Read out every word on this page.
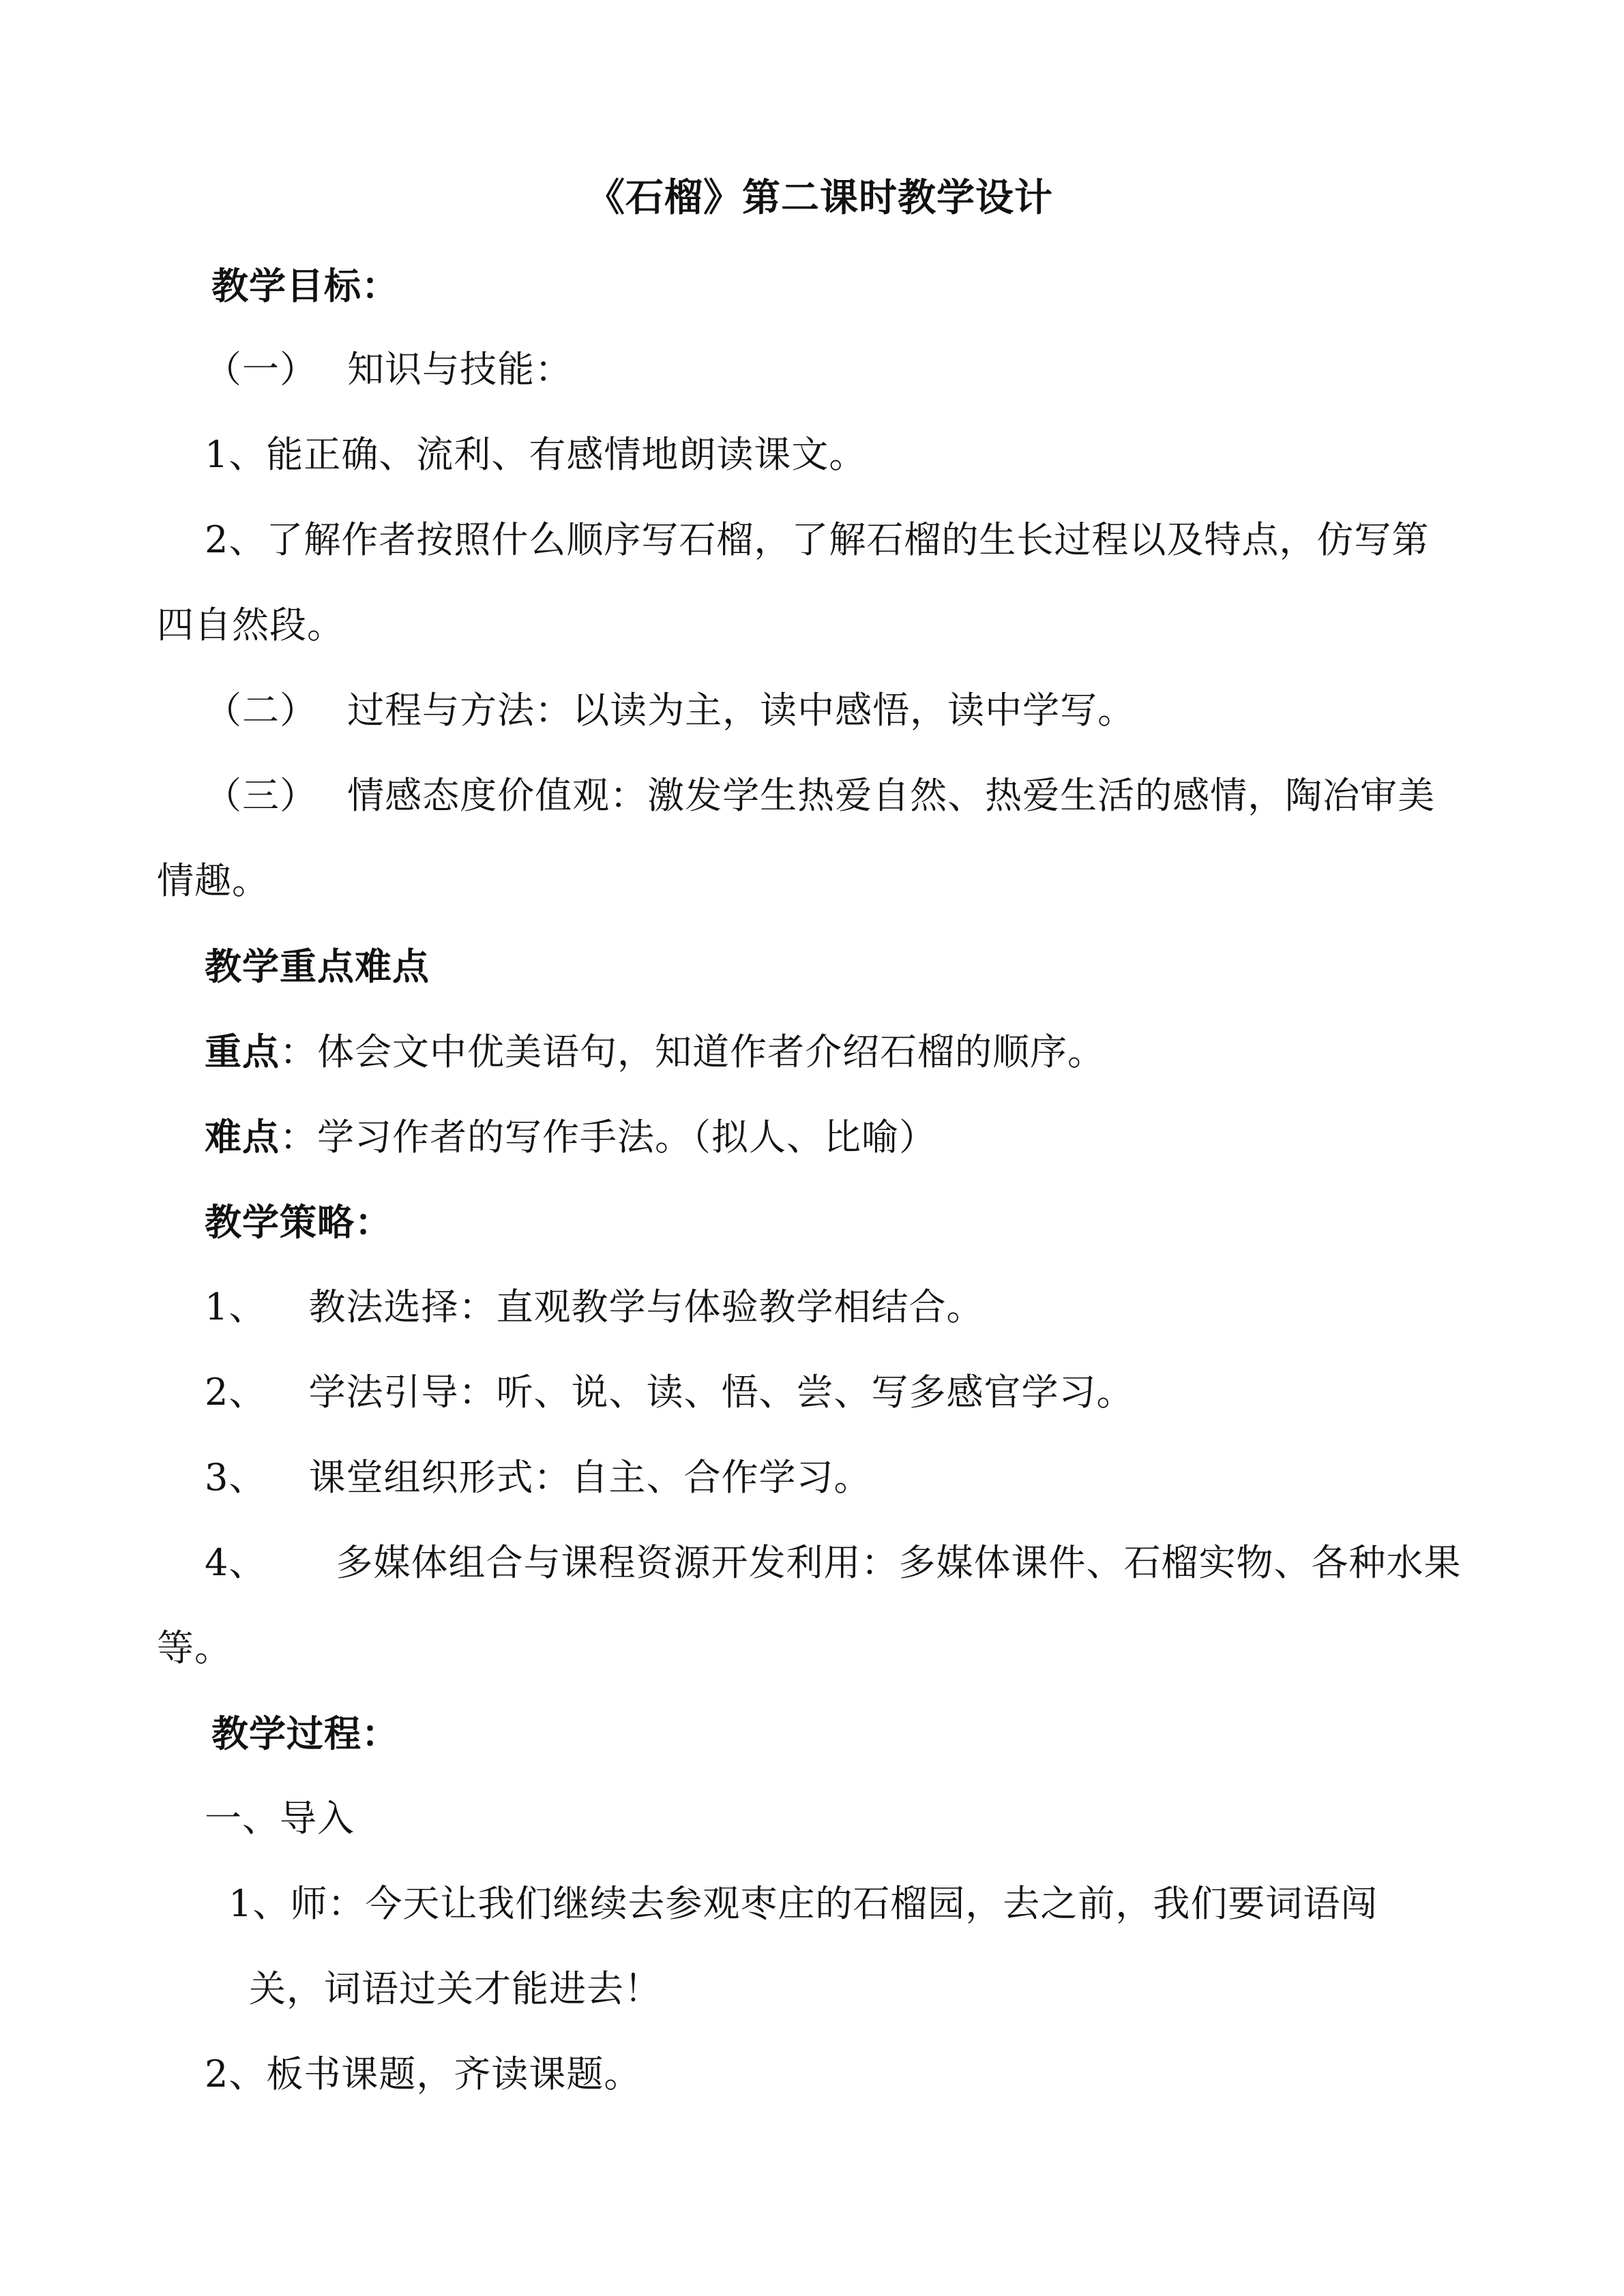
《石榴》第二课时教学设计
教学目标：
（一） 知识与技能：
1、能正确、流利、有感情地朗读课文。
2、了解作者按照什么顺序写石榴，了解石榴的生长过程以及特点，仿写第
四自然段。
（二） 过程与方法：以读为主，读中感悟，读中学写。
（三） 情感态度价值观：激发学生热爱自然、热爱生活的感情，陶冶审美
情趣。
教学重点难点
重点：体会文中优美语句，知道作者介绍石榴的顺序。
难点：学习作者的写作手法。（拟人、比喻）
教学策略：
1、 教法选择：直观教学与体验教学相结合。
2、 学法引导：听、说、读、悟、尝、写多感官学习。
3、 课堂组织形式：自主、合作学习。
4、 多媒体组合与课程资源开发利用：多媒体课件、石榴实物、各种水果
等。
教学过程：
一、导入
1、师：今天让我们继续去参观枣庄的石榴园，去之前，我们要词语闯
关，词语过关才能进去！
2、板书课题，齐读课题。
